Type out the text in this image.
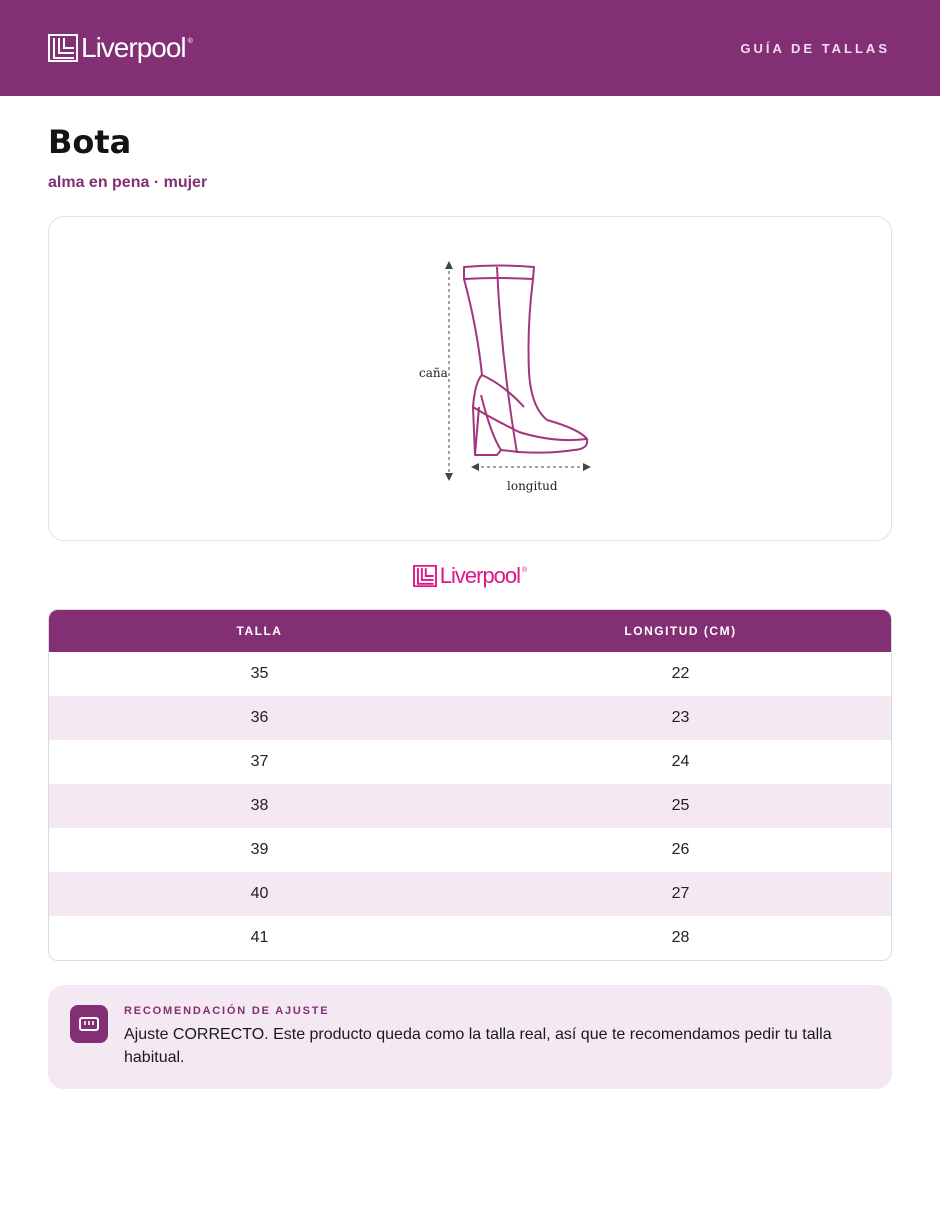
Liverpool ®	GUÍA DE TALLAS
Bota
alma en pena · mujer
caña
longitud
Liverpool ®
TALLA	LONGITUD (CM)
35	22
36	23
37	24
38	25
39	26
40	27
41	28
RECOMENDACIÓN DE AJUSTE
Ajuste CORRECTO. Este producto queda como la talla real, así que te recomendamos pedir tu talla habitual.
